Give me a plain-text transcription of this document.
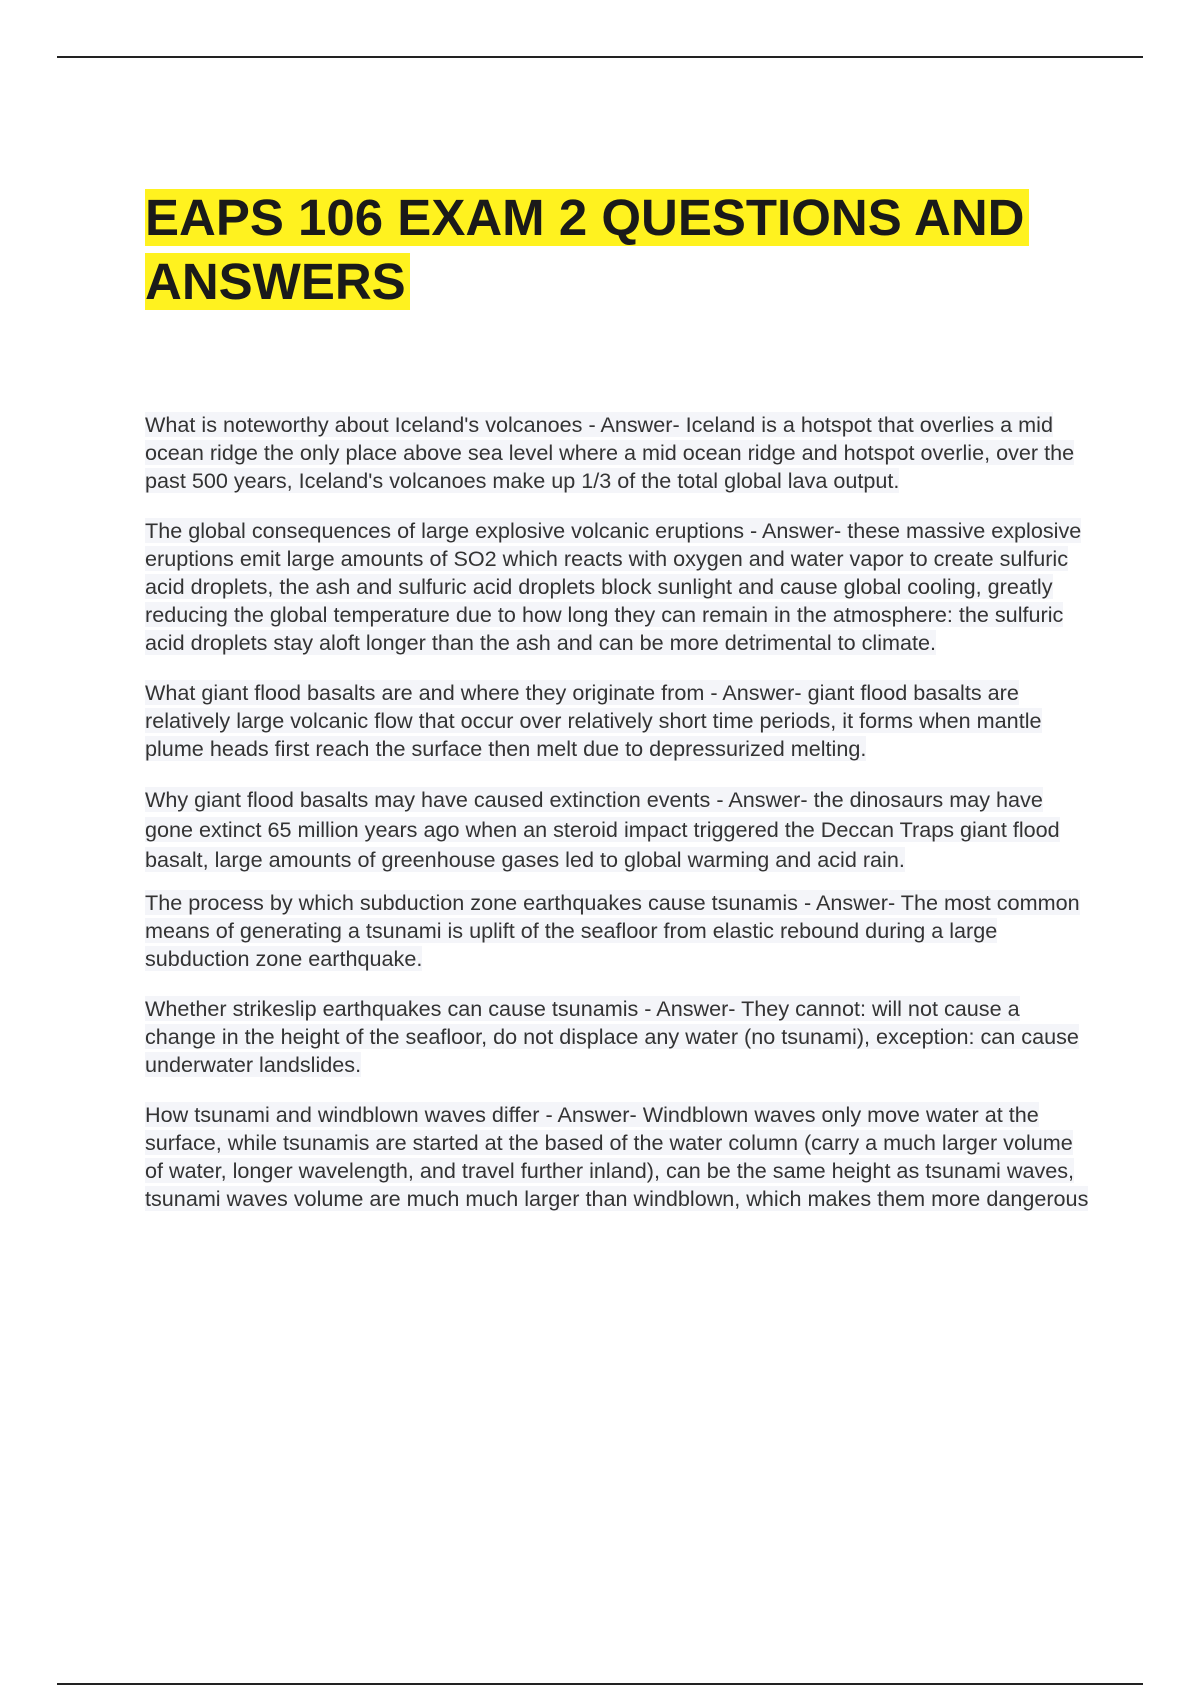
EAPS 106 EXAM 2 QUESTIONS AND ANSWERS
What is noteworthy about Iceland's volcanoes - Answer- Iceland is a hotspot that overlies a mid ocean ridge the only place above sea level where a mid ocean ridge and hotspot overlie, over the past 500 years, Iceland's volcanoes make up 1/3 of the total global lava output.
The global consequences of large explosive volcanic eruptions - Answer- these massive explosive eruptions emit large amounts of SO2 which reacts with oxygen and water vapor to create sulfuric acid droplets, the ash and sulfuric acid droplets block sunlight and cause global cooling, greatly reducing the global temperature due to how long they can remain in the atmosphere: the sulfuric acid droplets stay aloft longer than the ash and can be more detrimental to climate.
What giant flood basalts are and where they originate from - Answer- giant flood basalts are relatively large volcanic flow that occur over relatively short time periods, it forms when mantle plume heads first reach the surface then melt due to depressurized melting.
Why giant flood basalts may have caused extinction events - Answer- the dinosaurs may have gone extinct 65 million years ago when an steroid impact triggered the Deccan Traps giant flood basalt, large amounts of greenhouse gases led to global warming and acid rain.
The process by which subduction zone earthquakes cause tsunamis - Answer- The most common means of generating a tsunami is uplift of the seafloor from elastic rebound during a large subduction zone earthquake.
Whether strikeslip earthquakes can cause tsunamis - Answer- They cannot: will not cause a change in the height of the seafloor, do not displace any water (no tsunami), exception: can cause underwater landslides.
How tsunami and windblown waves differ - Answer- Windblown waves only move water at the surface, while tsunamis are started at the based of the water column (carry a much larger volume of water, longer wavelength, and travel further inland), can be the same height as tsunami waves, tsunami waves volume are much much larger than windblown, which makes them more dangerous
